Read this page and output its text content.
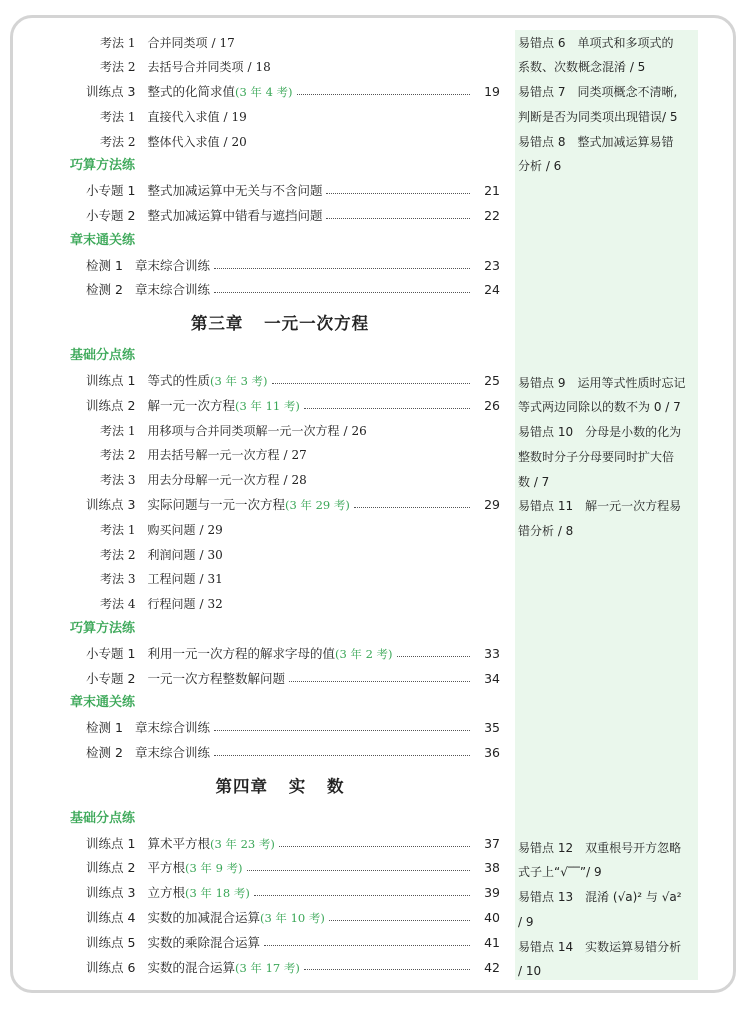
考法 1 合并同类项 / 17
考法 2 去括号合并同类项 / 18
训练点 3 整式的化简求值 (3 年 4 考)	19
考法 1 直接代入求值 / 19
考法 2 整体代入求值 / 20
巧算方法练
小专题 1 整式加减运算中无关与不含问题	21
小专题 2 整式加减运算中错看与遮挡问题	22
章末通关练
检测 1 章末综合训练	23
检测 2 章末综合训练	24
第三章 一元一次方程
基础分点练
训练点 1 等式的性质 (3 年 3 考)	25
训练点 2 解一元一次方程 (3 年 11 考)	26
考法 1 用移项与合并同类项解一元一次方程 / 26
考法 2 用去括号解一元一次方程 / 27
考法 3 用去分母解一元一次方程 / 28
训练点 3 实际问题与一元一次方程 (3 年 29 考)	29
考法 1 购买问题 / 29
考法 2 利润问题 / 30
考法 3 工程问题 / 31
考法 4 行程问题 / 32
巧算方法练
小专题 1 利用一元一次方程的解求字母的值 (3 年 2 考)	33
小专题 2 一元一次方程整数解问题	34
章末通关练
检测 1 章末综合训练	35
检测 2 章末综合训练	36
第四章 实 数
基础分点练
训练点 1 算术平方根 (3 年 23 考)	37
训练点 2 平方根 (3 年 9 考)	38
训练点 3 立方根 (3 年 18 考)	39
训练点 4 实数的加减混合运算 (3 年 10 考)	40
训练点 5 实数的乘除混合运算	41
训练点 6 实数的混合运算 (3 年 17 考)	42
易错点 6　单项式和多项式的
系数、次数概念混淆 / 5
易错点 7　同类项概念不清晰,
判断是否为同类项出现错误/ 5
易错点 8　整式加减运算易错
分析 / 6
易错点 9　运用等式性质时忘记
等式两边同除以的数不为 0 / 7
易错点 10　分母是小数的化为
整数时分子分母要同时扩大倍
数 / 7
易错点 11　解一元一次方程易
错分析 / 8
易错点 12　双重根号开方忽略
式子上“√‾‾”/ 9
易错点 13　混淆 (√a)² 与 √a²
/ 9
易错点 14　实数运算易错分析
/ 10
